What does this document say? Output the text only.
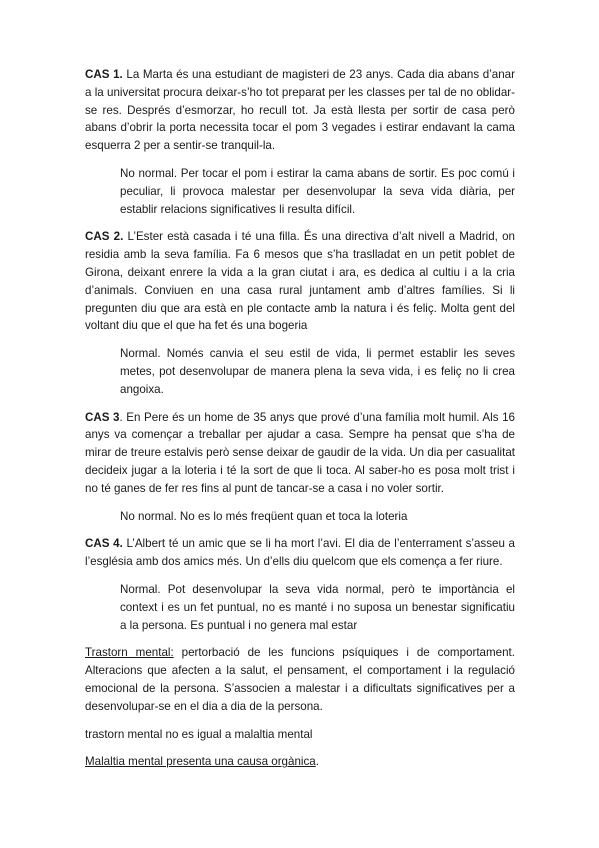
CAS 1. La Marta és una estudiant de magisteri de 23 anys. Cada dia abans d’anar a la universitat procura deixar-s’ho tot preparat per les classes per tal de no oblidar-se res. Després d’esmorzar, ho recull tot. Ja està llesta per sortir de casa però abans d’obrir la porta necessita tocar el pom 3 vegades i estirar endavant la cama esquerra 2 per a sentir-se tranquil-la.

No normal. Per tocar el pom i estirar la cama abans de sortir. Es poc comú i peculiar, li provoca malestar per desenvolupar la seva vida diària, per establir relacions significatives li resulta difícil.

CAS 2. L’Ester està casada i té una filla. És una directiva d’alt nivell a Madrid, on residia amb la seva família. Fa 6 mesos que s’ha traslladat en un petit poblet de Girona, deixant enrere la vida a la gran ciutat i ara, es dedica al cultiu i a la cria d’animals. Conviuen en una casa rural juntament amb d’altres famílies. Si li pregunten diu que ara està en ple contacte amb la natura i és feliç. Molta gent del voltant diu que el que ha fet és una bogeria

Normal. Només canvia el seu estil de vida, li permet establir les seves metes, pot desenvolupar de manera plena la seva vida, i es feliç no li crea angoixa.

CAS 3. En Pere és un home de 35 anys que prové d’una família molt humil. Als 16 anys va començar a treballar per ajudar a casa. Sempre ha pensat que s’ha de mirar de treure estalvis però sense deixar de gaudir de la vida. Un dia per casualitat decideix jugar a la loteria i té la sort de que li toca. Al saber-ho es posa molt trist i no té ganes de fer res fins al punt de tancar-se a casa i no voler sortir.

No normal. No es lo més freqüent quan et toca la loteria

CAS 4. L’Albert té un amic que se li ha mort l’avi. El dia de l’enterrament s’asseu a l’església amb dos amics més. Un d’ells diu quelcom que els comença a fer riure.

Normal. Pot desenvolupar la seva vida normal, però te importància el context i es un fet puntual, no es manté i no suposa un benestar significatiu a la persona. Es puntual i no genera mal estar

Trastorn mental: pertorbació de les funcions psíquiques i de comportament. Alteracions que afecten a la salut, el pensament, el comportament i la regulació emocional de la persona. S’associen a malestar i a dificultats significatives per a desenvolupar-se en el dia a dia de la persona.

trastorn mental no es igual a malaltia mental

Malaltia mental presenta una causa orgànica.
